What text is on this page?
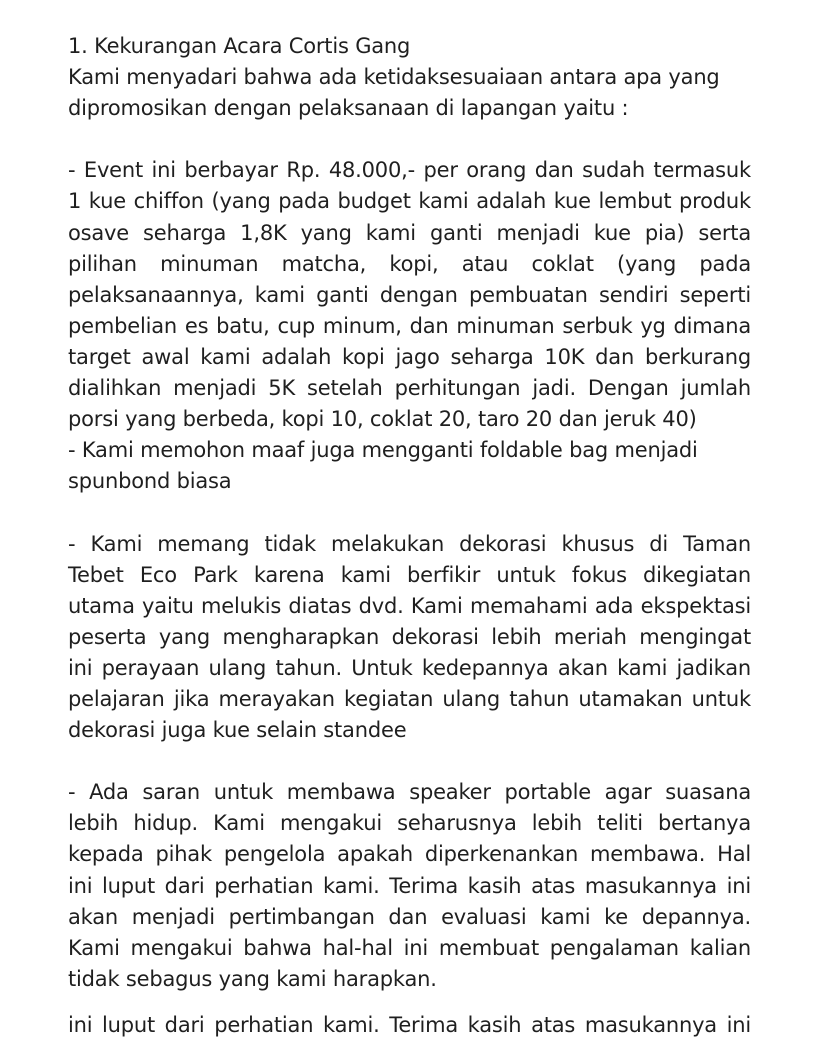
1. Kekurangan Acara Cortis Gang
Kami menyadari bahwa ada ketidaksesuaiaan antara apa yang
dipromosikan dengan pelaksanaan di lapangan yaitu :
- Event ini berbayar Rp. 48.000,- per orang dan sudah termasuk
1 kue chiffon (yang pada budget kami adalah kue lembut produk
osave seharga 1,8K yang kami ganti menjadi kue pia) serta
pilihan minuman matcha, kopi, atau coklat (yang pada
pelaksanaannya, kami ganti dengan pembuatan sendiri seperti
pembelian es batu, cup minum, dan minuman serbuk yg dimana
target awal kami adalah kopi jago seharga 10K dan berkurang
dialihkan menjadi 5K setelah perhitungan jadi. Dengan jumlah
porsi yang berbeda, kopi 10, coklat 20, taro 20 dan jeruk 40)
- Kami memohon maaf juga mengganti foldable bag menjadi
spunbond biasa
- Kami memang tidak melakukan dekorasi khusus di Taman
Tebet Eco Park karena kami berfikir untuk fokus dikegiatan
utama yaitu melukis diatas dvd. Kami memahami ada ekspektasi
peserta yang mengharapkan dekorasi lebih meriah mengingat
ini perayaan ulang tahun. Untuk kedepannya akan kami jadikan
pelajaran jika merayakan kegiatan ulang tahun utamakan untuk
dekorasi juga kue selain standee
- Ada saran untuk membawa speaker portable agar suasana
lebih hidup. Kami mengakui seharusnya lebih teliti bertanya
kepada pihak pengelola apakah diperkenankan membawa. Hal
ini luput dari perhatian kami. Terima kasih atas masukannya ini
akan menjadi pertimbangan dan evaluasi kami ke depannya.
Kami mengakui bahwa hal-hal ini membuat pengalaman kalian
tidak sebagus yang kami harapkan.
ini luput dari perhatian kami. Terima kasih atas masukannya ini
